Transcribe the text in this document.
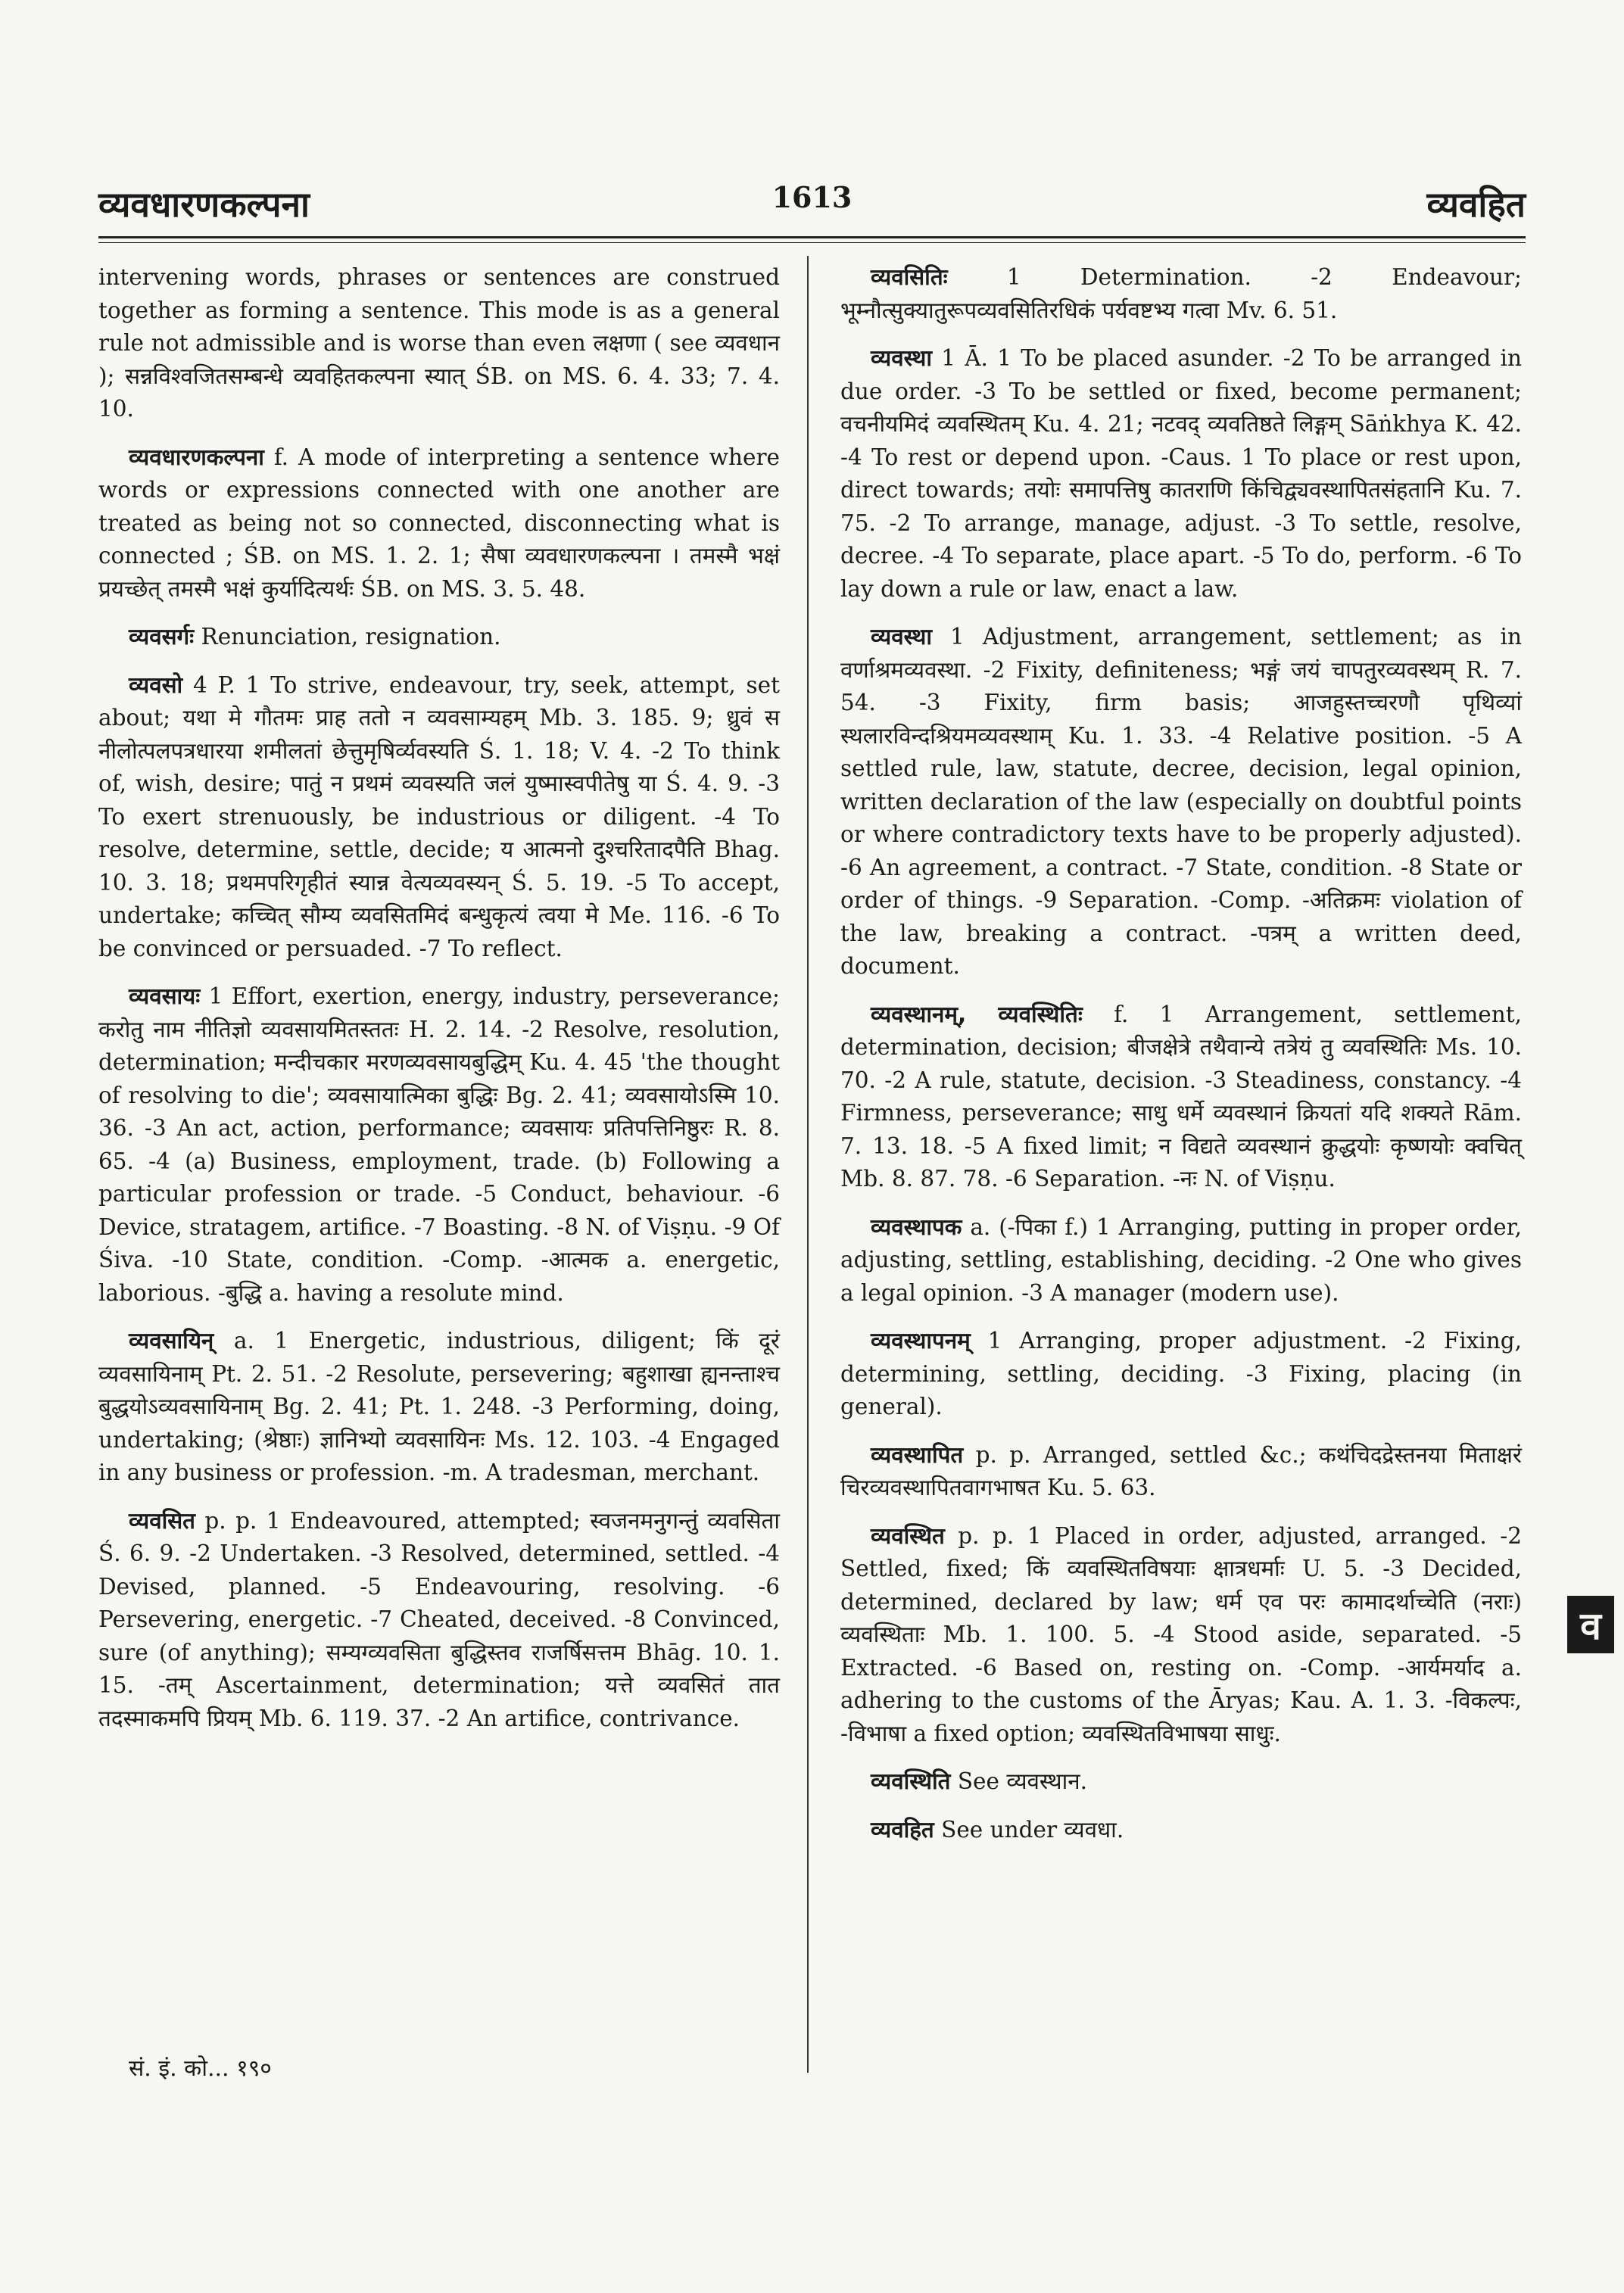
व्यवधारणकल्पना	1613	व्यवहित

intervening words, phrases or sentences are construed together as forming a sentence. This mode is as a general rule not admissible and is worse than even लक्षणा ( see व्यवधान ); सन्नविश्वजितसम्बन्धे व्यवहितकल्पना स्यात् ŚB. on MS. 6. 4. 33; 7. 4. 10.

व्यवधारणकल्पना f. A mode of interpreting a sentence where words or expressions connected with one another are treated as being not so connected, disconnecting what is connected ; ŚB. on MS. 1. 2. 1; सैषा व्यवधारणकल्पना । तमस्मै भक्षं प्रयच्छेत् तमस्मै भक्षं कुर्यादित्यर्थः ŚB. on MS. 3. 5. 48.

व्यवसर्गः Renunciation, resignation.

व्यवसो 4 P. 1 To strive, endeavour, try, seek, attempt, set about; यथा मे गौतमः प्राह ततो न व्यवसाम्यहम् Mb. 3. 185. 9; ध्रुवं स नीलोत्पलपत्रधारया शमीलतां छेत्तुमृषिर्व्यवस्यति Ś. 1. 18; V. 4. -2 To think of, wish, desire; पातुं न प्रथमं व्यवस्यति जलं युष्मास्वपीतेषु या Ś. 4. 9. -3 To exert strenuously, be industrious or diligent. -4 To resolve, determine, settle, decide; य आत्मनो दुश्चरितादपैति Bhag. 10. 3. 18; प्रथमपरिगृहीतं स्यान्न वेत्यव्यवस्यन् Ś. 5. 19. -5 To accept, undertake; कच्चित् सौम्य व्यवसितमिदं बन्धुकृत्यं त्वया मे Me. 116. -6 To be convinced or persuaded. -7 To reflect.

व्यवसायः 1 Effort, exertion, energy, industry, perseverance; करोतु नाम नीतिज्ञो व्यवसायमितस्ततः H. 2. 14. -2 Resolve, resolution, determination; मन्दीचकार मरणव्यवसायबुद्धिम् Ku. 4. 45 'the thought of resolving to die'; व्यवसायात्मिका बुद्धिः Bg. 2. 41; व्यवसायोऽस्मि 10. 36. -3 An act, action, performance; व्यवसायः प्रतिपत्तिनिष्ठुरः R. 8. 65. -4 (a) Business, employment, trade. (b) Following a particular profession or trade. -5 Conduct, behaviour. -6 Device, stratagem, artifice. -7 Boasting. -8 N. of Viṣṇu. -9 Of Śiva. -10 State, condition. -Comp. -आत्मक a. energetic, laborious. -बुद्धि a. having a resolute mind.

व्यवसायिन् a. 1 Energetic, industrious, diligent; किं दूरं व्यवसायिनाम् Pt. 2. 51. -2 Resolute, persevering; बहुशाखा ह्यनन्ताश्च बुद्धयोऽव्यवसायिनाम् Bg. 2. 41; Pt. 1. 248. -3 Performing, doing, undertaking; (श्रेष्ठाः) ज्ञानिभ्यो व्यवसायिनः Ms. 12. 103. -4 Engaged in any business or profession. -m. A tradesman, merchant.

व्यवसित p. p. 1 Endeavoured, attempted; स्वजनमनुगन्तुं व्यवसिता Ś. 6. 9. -2 Undertaken. -3 Resolved, determined, settled. -4 Devised, planned. -5 Endeavouring, resolving. -6 Persevering, energetic. -7 Cheated, deceived. -8 Convinced, sure (of anything); सम्यग्व्यवसिता बुद्धिस्तव राजर्षिसत्तम Bhāg. 10. 1. 15. -तम् Ascertainment, determination; यत्ते व्यवसितं तात तदस्माकमपि प्रियम् Mb. 6. 119. 37. -2 An artifice, contrivance.

व्यवसितिः 1 Determination. -2 Endeavour; भूम्नौत्सुक्यातुरूपव्यवसितिरधिकं पर्यवष्टभ्य गत्वा Mv. 6. 51.

व्यवस्था 1 Ā. 1 To be placed asunder. -2 To be arranged in due order. -3 To be settled or fixed, become permanent; वचनीयमिदं व्यवस्थितम् Ku. 4. 21; नटवद् व्यवतिष्ठते लिङ्गम् Sāṅkhya K. 42. -4 To rest or depend upon. -Caus. 1 To place or rest upon, direct towards; तयोः समापत्तिषु कातराणि किंचिद्व्यवस्थापितसंहतानि Ku. 7. 75. -2 To arrange, manage, adjust. -3 To settle, resolve, decree. -4 To separate, place apart. -5 To do, perform. -6 To lay down a rule or law, enact a law.

व्यवस्था 1 Adjustment, arrangement, settlement; as in वर्णाश्रमव्यवस्था. -2 Fixity, definiteness; भङ्गं जयं चापतुरव्यवस्थम् R. 7. 54. -3 Fixity, firm basis; आजहुस्तच्चरणौ पृथिव्यां स्थलारविन्दश्रियमव्यवस्थाम् Ku. 1. 33. -4 Relative position. -5 A settled rule, law, statute, decree, decision, legal opinion, written declaration of the law (especially on doubtful points or where contradictory texts have to be properly adjusted). -6 An agreement, a contract. -7 State, condition. -8 State or order of things. -9 Separation. -Comp. -अतिक्रमः violation of the law, breaking a contract. -पत्रम् a written deed, document.

व्यवस्थानम्, व्यवस्थितिः f. 1 Arrangement, settlement, determination, decision; बीजक्षेत्रे तथैवान्ये तत्रेयं तु व्यवस्थितिः Ms. 10. 70. -2 A rule, statute, decision. -3 Steadiness, constancy. -4 Firmness, perseverance; साधु धर्मे व्यवस्थानं क्रियतां यदि शक्यते Rām. 7. 13. 18. -5 A fixed limit; न विद्यते व्यवस्थानं क्रुद्धयोः कृष्णयोः क्वचित् Mb. 8. 87. 78. -6 Separation. -नः N. of Viṣṇu.

व्यवस्थापक a. (-पिका f.) 1 Arranging, putting in proper order, adjusting, settling, establishing, deciding. -2 One who gives a legal opinion. -3 A manager (modern use).

व्यवस्थापनम् 1 Arranging, proper adjustment. -2 Fixing, determining, settling, deciding. -3 Fixing, placing (in general).

व्यवस्थापित p. p. Arranged, settled &c.; कथंचिदद्रेस्तनया मिताक्षरं चिरव्यवस्थापितवागभाषत Ku. 5. 63.

व्यवस्थित p. p. 1 Placed in order, adjusted, arranged. -2 Settled, fixed; किं व्यवस्थितविषयाः क्षात्रधर्माः U. 5. -3 Decided, determined, declared by law; धर्म एव परः कामादर्थाच्चेति (नराः) व्यवस्थिताः Mb. 1. 100. 5. -4 Stood aside, separated. -5 Extracted. -6 Based on, resting on. -Comp. -आर्यमर्याद a. adhering to the customs of the Āryas; Kau. A. 1. 3. -विकल्पः, -विभाषा a fixed option; व्यवस्थितविभाषया साधुः.

व्यवस्थिति See व्यवस्थान.

व्यवहित See under व्यवधा.

सं. इं. को... १९०
व
